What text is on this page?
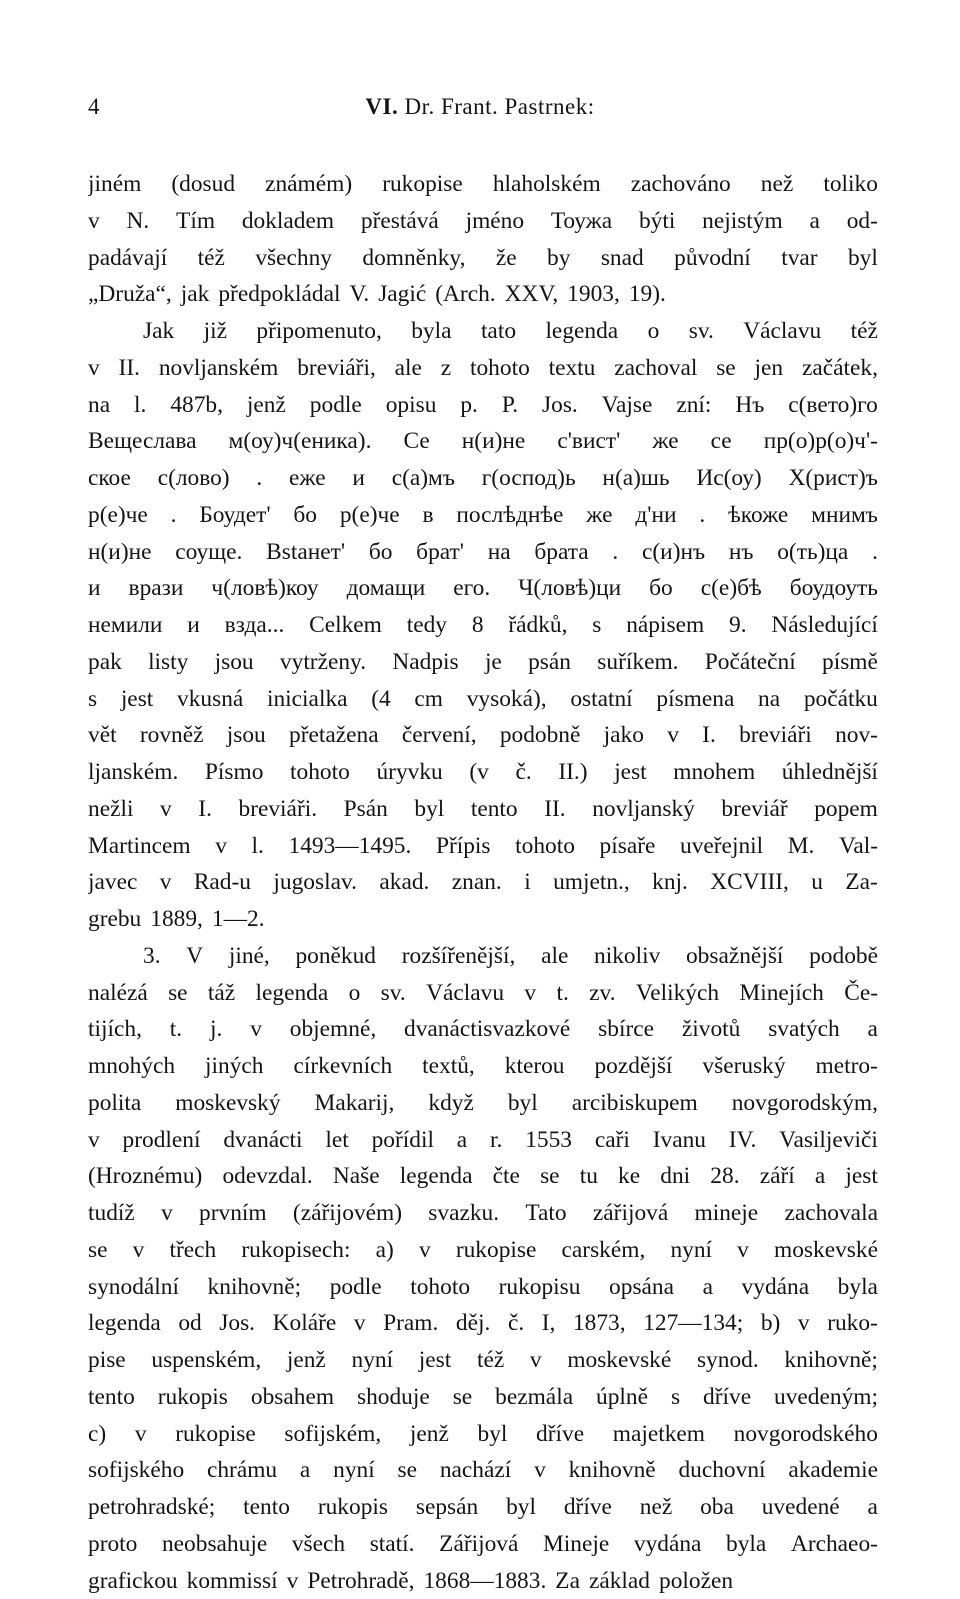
4	VI. Dr. Frant. Pastrnek:
jiném (dosud známém) rukopise hlaholském zachováno než toliko
v N. Tím dokladem přestává jméno Тоужа býti nejistým a od-
padávají též všechny domněnky, že by snad původní tvar byl
„Druža“, jak předpokládal V. Jagić (Arch. XXV, 1903, 19).
Jak již připomenuto, byla tato legenda o sv. Václavu též
v II. novljanském breviáři, ale z tohoto textu zachoval se jen začátek,
na l. 487b, jenž podle opisu p. P. Jos. Vajse zní: Нъ с(вето)го
Вещеслава м(оу)ч(еника). Се н(и)не с'вист' же се пр(о)р(о)ч'-
ское с(лово) . еже и с(а)мъ г(оспод)ь н(а)шь Ис(оу) Х(рист)ъ
р(е)че . Боудет' бо р(е)че в послѣднѣе же д'ни . ѣкоже мнимъ
н(и)не соуще. Вstанет' бо брат' на брата . с(и)нъ нъ о(ть)ца .
и врази ч(ловѣ)коу домащи его. Ч(ловѣ)ци бо с(е)бѣ боудоуть
немили и взда... Celkem tedy 8 řádků, s nápisem 9. Následující
pak listy jsou vytrženy. Nadpis je psán suříkem. Počáteční písmě
s jest vkusná inicialka (4 cm vysoká), ostatní písmena na počátku
vět rovněž jsou přetažena červení, podobně jako v I. breviáři nov-
ljanském. Písmo tohoto úryvku (v č. II.) jest mnohem úhlednější
nežli v I. breviáři. Psán byl tento II. novljanský breviář popem
Martincem v l. 1493—1495. Přípis tohoto písaře uveřejnil M. Val-
javec v Rad-u jugoslav. akad. znan. i umjetn., knj. XCVIII, u Za-
grebu 1889, 1—2.
3. V jiné, poněkud rozšířenější, ale nikoliv obsažnější podobě
nalézá se táž legenda o sv. Václavu v t. zv. Velikých Minejích Če-
tijích, t. j. v objemné, dvanáctisvazkové sbírce životů svatých a
mnohých jiných církevních textů, kterou pozdější všeruský metro-
polita moskevský Makarij, když byl arcibiskupem novgorodským,
v prodlení dvanácti let pořídil a r. 1553 caři Ivanu IV. Vasiljeviči
(Hroznému) odevzdal. Naše legenda čte se tu ke dni 28. září a jest
tudíž v prvním (zářijovém) svazku. Tato zářijová mineje zachovala
se v třech rukopisech: a) v rukopise carském, nyní v moskevské
synodální knihovně; podle tohoto rukopisu opsána a vydána byla
legenda od Jos. Koláře v Pram. děj. č. I, 1873, 127—134; b) v ruko-
pise uspenském, jenž nyní jest též v moskevské synod. knihovně;
tento rukopis obsahem shoduje se bezmála úplně s dříve uvedeným;
c) v rukopise sofijském, jenž byl dříve majetkem novgorodského
sofijského chrámu a nyní se nachází v knihovně duchovní akademie
petrohradské; tento rukopis sepsán byl dříve než oba uvedené a
proto neobsahuje všech statí. Zářijová Mineje vydána byla Archaeo-
grafickou kommissí v Petrohradě, 1868—1883. Za základ položen
